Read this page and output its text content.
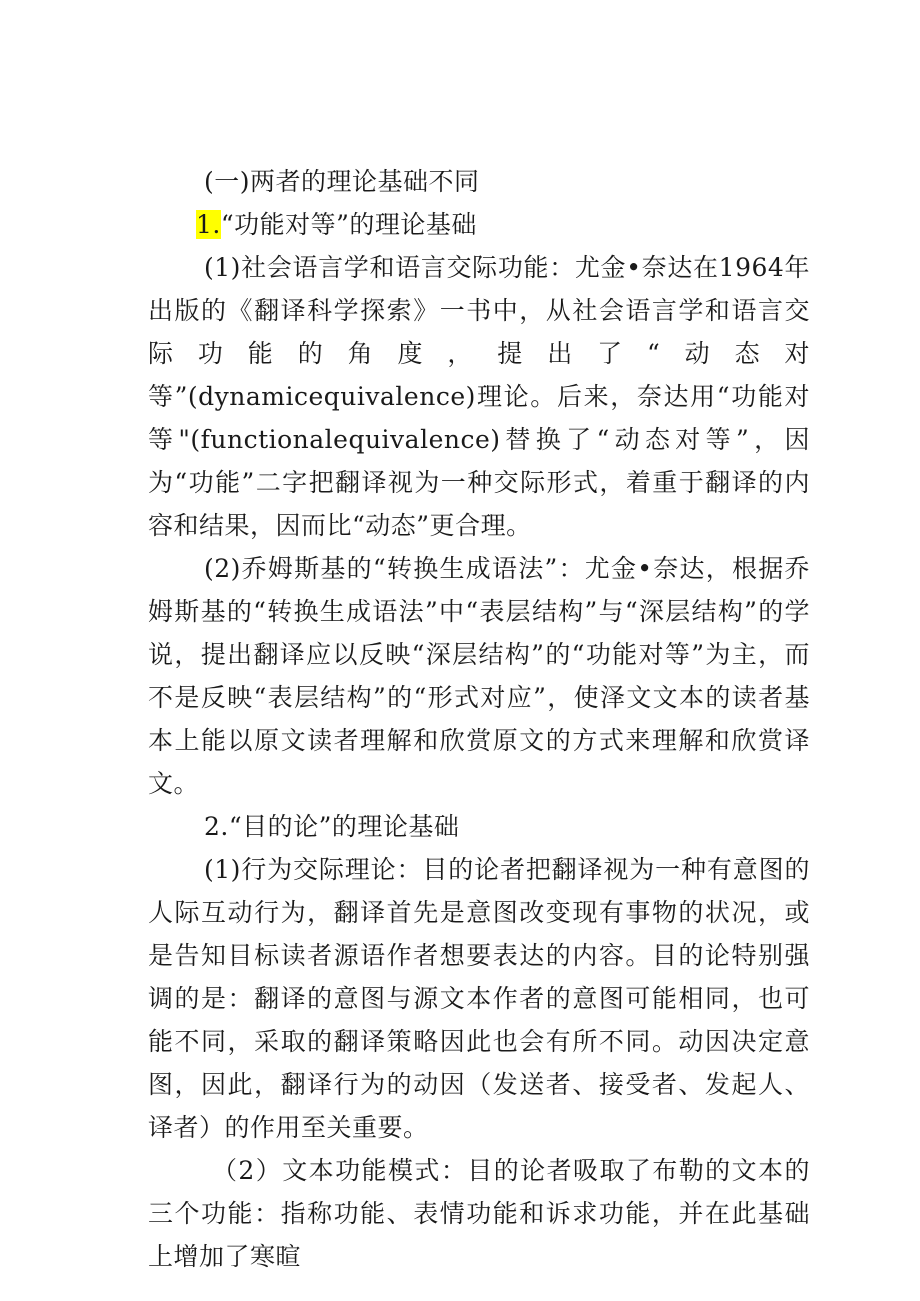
(一)两者的理论基础不同

1.“功能对等”的理论基础

(1)社会语言学和语言交际功能：尤金•奈达在1964年出版的《翻译科学探索》一书中，从社会语言学和语言交际功能的角度，提出了“动态对等”(dynamicequivalence)理论。后来，奈达用“功能对等"(functionalequivalence)替换了“动态对等”，因为“功能”二字把翻译视为一种交际形式，着重于翻译的内容和结果，因而比“动态”更合理。

(2)乔姆斯基的“转换生成语法”：尤金•奈达，根据乔姆斯基的“转换生成语法”中“表层结构”与“深层结构”的学说，提出翻译应以反映“深层结构”的“功能对等”为主，而不是反映“表层结构”的“形式对应”，使泽文文本的读者基本上能以原文读者理解和欣赏原文的方式来理解和欣赏译文。

2.“目的论”的理论基础

(1)行为交际理论：目的论者把翻译视为一种有意图的人际互动行为，翻译首先是意图改变现有事物的状况，或是告知目标读者源语作者想要表达的内容。目的论特别强调的是：翻译的意图与源文本作者的意图可能相同，也可能不同，采取的翻译策略因此也会有所不同。动因决定意图，因此，翻译行为的动因（发送者、接受者、发起人、译者）的作用至关重要。

（2）文本功能模式：目的论者吸取了布勒的文本的三个功能：指称功能、表情功能和诉求功能，并在此基础上增加了寒暄
